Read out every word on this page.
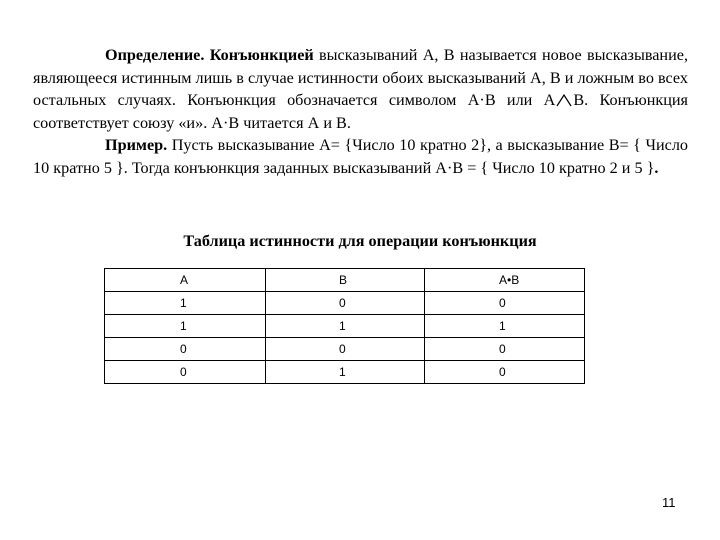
Определение. Конъюнкцией высказываний А, В называется новое высказывание, являющееся истинным лишь в случае истинности обоих высказываний А, В и ложным во всех остальных случаях. Конъюнкция обозначается символом А·В или А В. Конъюнкция соответствует союзу «и». А·В читается А и В.

Пример. Пусть высказывание А= {Число 10 кратно 2}, а высказывание В= { Число 10 кратно 5 }. Тогда конъюнкция заданных высказываний А·В = { Число 10 кратно 2 и 5 }.

Таблица истинности для операции конъюнкция
A	B	A•B
1	0	0
1	1	1
0	0	0
0	1	0
11
